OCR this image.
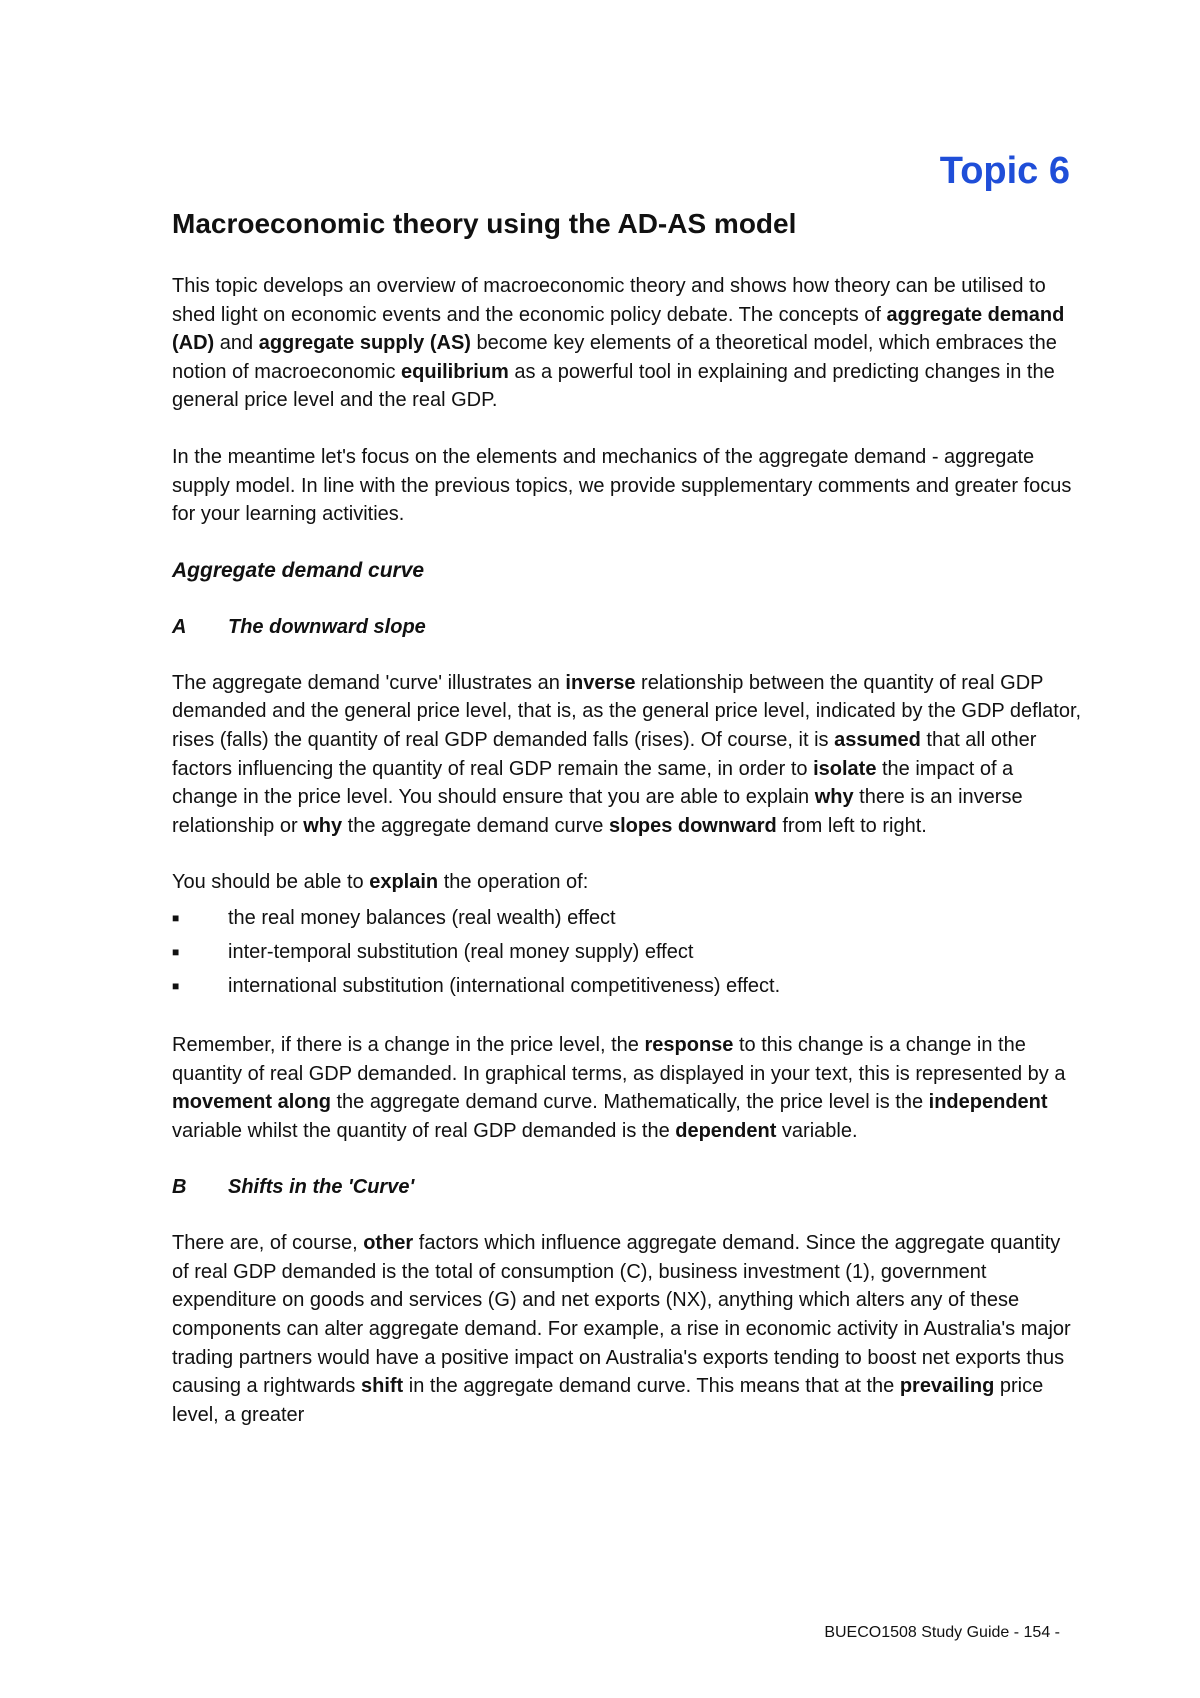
Topic 6
Macroeconomic theory using the AD-AS model

This topic develops an overview of macroeconomic theory and shows how theory can be utilised to shed light on economic events and the economic policy debate. The concepts of aggregate demand (AD) and aggregate supply (AS) become key elements of a theoretical model, which embraces the notion of macroeconomic equilibrium as a powerful tool in explaining and predicting changes in the general price level and the real GDP.

In the meantime let's focus on the elements and mechanics of the aggregate demand - aggregate supply model. In line with the previous topics, we provide supplementary comments and greater focus for your learning activities.

Aggregate demand curve
A The downward slope

The aggregate demand 'curve' illustrates an inverse relationship between the quantity of real GDP demanded and the general price level, that is, as the general price level, indicated by the GDP deflator, rises (falls) the quantity of real GDP demanded falls (rises). Of course, it is assumed that all other factors influencing the quantity of real GDP remain the same, in order to isolate the impact of a change in the price level. You should ensure that you are able to explain why there is an inverse relationship or why the aggregate demand curve slopes downward from left to right.

You should be able to explain the operation of:

■ the real money balances (real wealth) effect
■ inter-temporal substitution (real money supply) effect
■ international substitution (international competitiveness) effect.

Remember, if there is a change in the price level, the response to this change is a change in the quantity of real GDP demanded. In graphical terms, as displayed in your text, this is represented by a movement along the aggregate demand curve. Mathematically, the price level is the independent variable whilst the quantity of real GDP demanded is the dependent variable.

B Shifts in the 'Curve'

There are, of course, other factors which influence aggregate demand. Since the aggregate quantity of real GDP demanded is the total of consumption (C), business investment (1), government expenditure on goods and services (G) and net exports (NX), anything which alters any of these components can alter aggregate demand. For example, a rise in economic activity in Australia's major trading partners would have a positive impact on Australia's exports tending to boost net exports thus causing a rightwards shift in the aggregate demand curve. This means that at the prevailing price level, a greater

BUECO1508 Study Guide - 154 -
